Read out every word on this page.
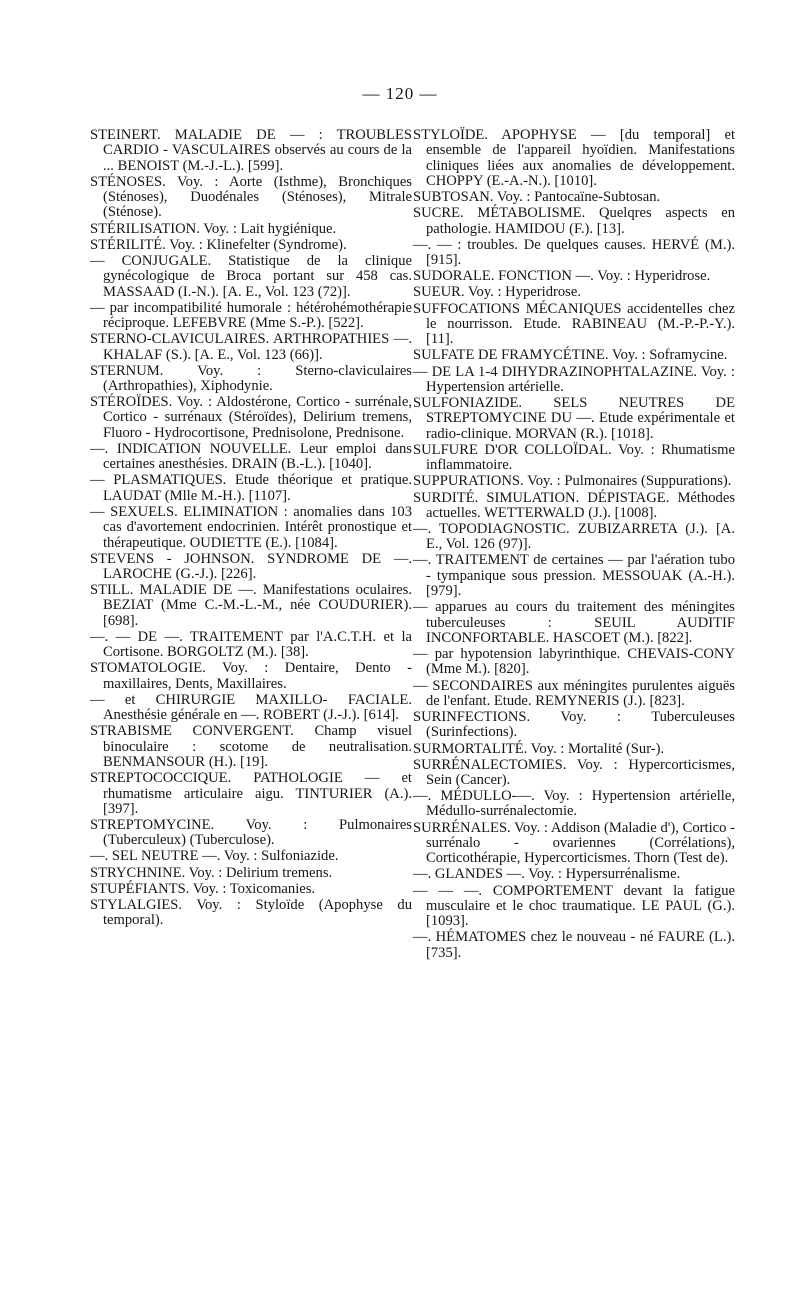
— 120 —

STEINERT. MALADIE DE — : TROUBLES CARDIO - VASCULAIRES observés au cours de la ... BENOIST (M.-J.-L.). [599].

STÉNOSES. Voy. : Aorte (Isthme), Bronchiques (Sténoses), Duodénales (Sténoses), Mitrale (Sténose).

STÉRILISATION. Voy. : Lait hygiénique.

STÉRILITÉ. Voy. : Klinefelter (Syndrome).

— CONJUGALE. Statistique de la clinique gynécologique de Broca portant sur 458 cas. MASSAAD (I.-N.). [A. E., Vol. 123 (72)].

— par incompatibilité humorale : hétérohémothérapie réciproque. LEFEBVRE (Mme S.-P.). [522].

STERNO-CLAVICULAIRES. ARTHROPATHIES —. KHALAF (S.). [A. E., Vol. 123 (66)].

STERNUM. Voy. : Sterno-claviculaires (Arthropathies), Xiphodynie.

STÉROÏDES. Voy. : Aldostérone, Cortico - surrénale, Cortico - surrénaux (Stéroïdes), Delirium tremens, Fluoro - Hydrocortisone, Prednisolone, Prednisone.

—. INDICATION NOUVELLE. Leur emploi dans certaines anesthésies. DRAIN (B.-L.). [1040].

— PLASMATIQUES. Etude théorique et pratique. LAUDAT (Mlle M.-H.). [1107].

— SEXUELS. ELIMINATION : anomalies dans 103 cas d'avortement endocrinien. Intérêt pronostique et thérapeutique. OUDIETTE (E.). [1084].

STEVENS - JOHNSON. SYNDROME DE —. LAROCHE (G.-J.). [226].

STILL. MALADIE DE —. Manifestations oculaires. BEZIAT (Mme C.-M.-L.-M., née COUDURIER). [698].

—. — DE —. TRAITEMENT par l'A.C.T.H. et la Cortisone. BORGOLTZ (M.). [38].

STOMATOLOGIE. Voy. : Dentaire, Dento - maxillaires, Dents, Maxillaires.

— et CHIRURGIE MAXILLO- FACIALE. Anesthésie générale en —. ROBERT (J.-J.). [614].

STRABISME CONVERGENT. Champ visuel binoculaire : scotome de neutralisation. BENMANSOUR (H.). [19].

STREPTOCOCCIQUE. PATHOLOGIE — et rhumatisme articulaire aigu. TINTURIER (A.). [397].

STREPTOMYCINE. Voy. : Pulmonaires (Tuberculeux) (Tuberculose).

—. SEL NEUTRE —. Voy. : Sulfoniazide.

STRYCHNINE. Voy. : Delirium tremens.

STUPÉFIANTS. Voy. : Toxicomanies.

STYLALGIES. Voy. : Styloïde (Apophyse du temporal).

STYLOÏDE. APOPHYSE — [du temporal] et ensemble de l'appareil hyoïdien. Manifestations cliniques liées aux anomalies de développement. CHOPPY (E.-A.-N.). [1010].

SUBTOSAN. Voy. : Pantocaïne-Subtosan.

SUCRE. MÉTABOLISME. Quelqres aspects en pathologie. HAMIDOU (F.). [13].

—. — : troubles. De quelques causes. HERVÉ (M.). [915].

SUDORALE. FONCTION —. Voy. : Hyperidrose.

SUEUR. Voy. : Hyperidrose.

SUFFOCATIONS MÉCANIQUES accidentelles chez le nourrisson. Etude. RABINEAU (M.-P.-P.-Y.). [11].

SULFATE DE FRAMYCÉTINE. Voy. : Soframycine.

— DE LA 1-4 DIHYDRAZINOPHTALAZINE. Voy. : Hypertension artérielle.

SULFONIAZIDE. SELS NEUTRES DE STREPTOMYCINE DU —. Etude expérimentale et radio-clinique. MORVAN (R.). [1018].

SULFURE D'OR COLLOÏDAL. Voy. : Rhumatisme inflammatoire.

SUPPURATIONS. Voy. : Pulmonaires (Suppurations).

SURDITÉ. SIMULATION. DÉPISTAGE. Méthodes actuelles. WETTERWALD (J.). [1008].

—. TOPODIAGNOSTIC. ZUBIZARRETA (J.). [A. E., Vol. 126 (97)].

—. TRAITEMENT de certaines — par l'aération tubo - tympanique sous pression. MESSOUAK (A.-H.). [979].

— apparues au cours du traitement des méningites tuberculeuses : SEUIL AUDITIF INCONFORTABLE. HASCOET (M.). [822].

— par hypotension labyrinthique. CHEVAIS-CONY (Mme M.). [820].

— SECONDAIRES aux méningites purulentes aiguës de l'enfant. Etude. REMYNERIS (J.). [823].

SURINFECTIONS. Voy. : Tuberculeuses (Surinfections).

SURMORTALITÉ. Voy. : Mortalité (Sur-).

SURRÉNALECTOMIES. Voy. : Hypercorticismes, Sein (Cancer).

—. MÉDULLO-—. Voy. : Hypertension artérielle, Médullo-surrénalectomie.

SURRÉNALES. Voy. : Addison (Maladie d'), Cortico - surrénalo - ovariennes (Corrélations), Corticothérapie, Hypercorticismes. Thorn (Test de).

—. GLANDES —. Voy. : Hypersurrénalisme.

— — —. COMPORTEMENT devant la fatigue musculaire et le choc traumatique. LE PAUL (G.). [1093].

—. HÉMATOMES chez le nouveau - né FAURE (L.). [735].
